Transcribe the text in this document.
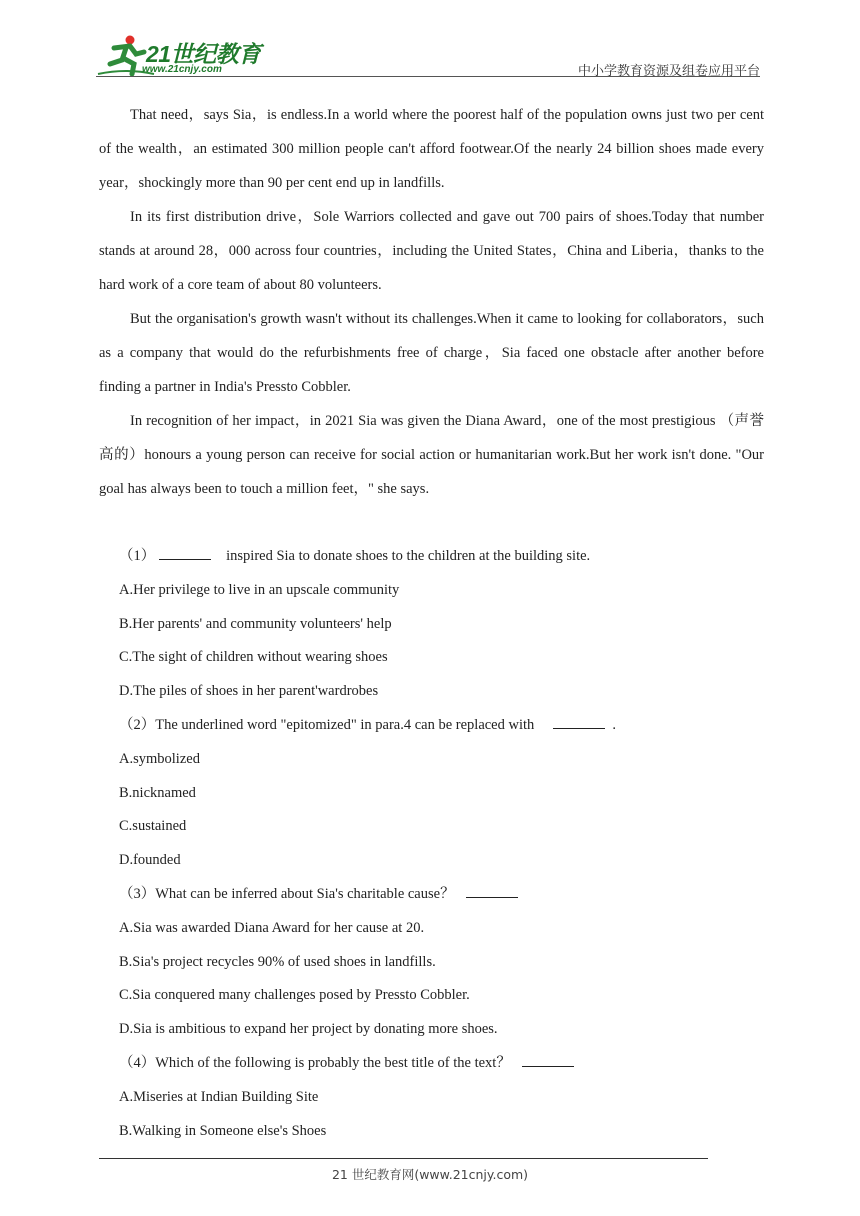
21世纪教育
www.21cnjy.com	中小学教育资源及组卷应用平台

That need，says Sia，is endless.In a world where the poorest half of the population owns just two per cent of the wealth，an estimated 300 million people can't afford footwear.Of the nearly 24 billion shoes made every year，shockingly more than 90 per cent end up in landfills.

In its first distribution drive，Sole Warriors collected and gave out 700 pairs of shoes.Today that number stands at around 28，000 across four countries，including the United States，China and Liberia，thanks to the hard work of a core team of about 80 volunteers.

But the organisation's growth wasn't without its challenges.When it came to looking for collaborators，such as a company that would do the refurbishments free of charge，Sia faced one obstacle after another before finding a partner in India's Pressto Cobbler.

In recognition of her impact，in 2021 Sia was given the Diana Award，one of the most prestigious （声誉高的）honours a young person can receive for social action or humanitarian work.But her work isn't done. "Our goal has always been to touch a million feet，" she says.

（1）	inspired Sia to donate shoes to the children at the building site.

A.Her privilege to live in an upscale community

B.Her parents' and community volunteers' help

C.The sight of children without wearing shoes

D.The piles of shoes in her parent'wardrobes

（2）The underlined word "epitomized" in para.4 can be replaced with	.

A.symbolized

B.nicknamed

C.sustained

D.founded

（3）What can be inferred about Sia's charitable cause？

A.Sia was awarded Diana Award for her cause at 20.

B.Sia's project recycles 90% of used shoes in landfills.

C.Sia conquered many challenges posed by Pressto Cobbler.

D.Sia is ambitious to expand her project by donating more shoes.

（4）Which of the following is probably the best title of the text？

A.Miseries at Indian Building Site

B.Walking in Someone else's Shoes

21 世纪教育网(www.21cnjy.com)
